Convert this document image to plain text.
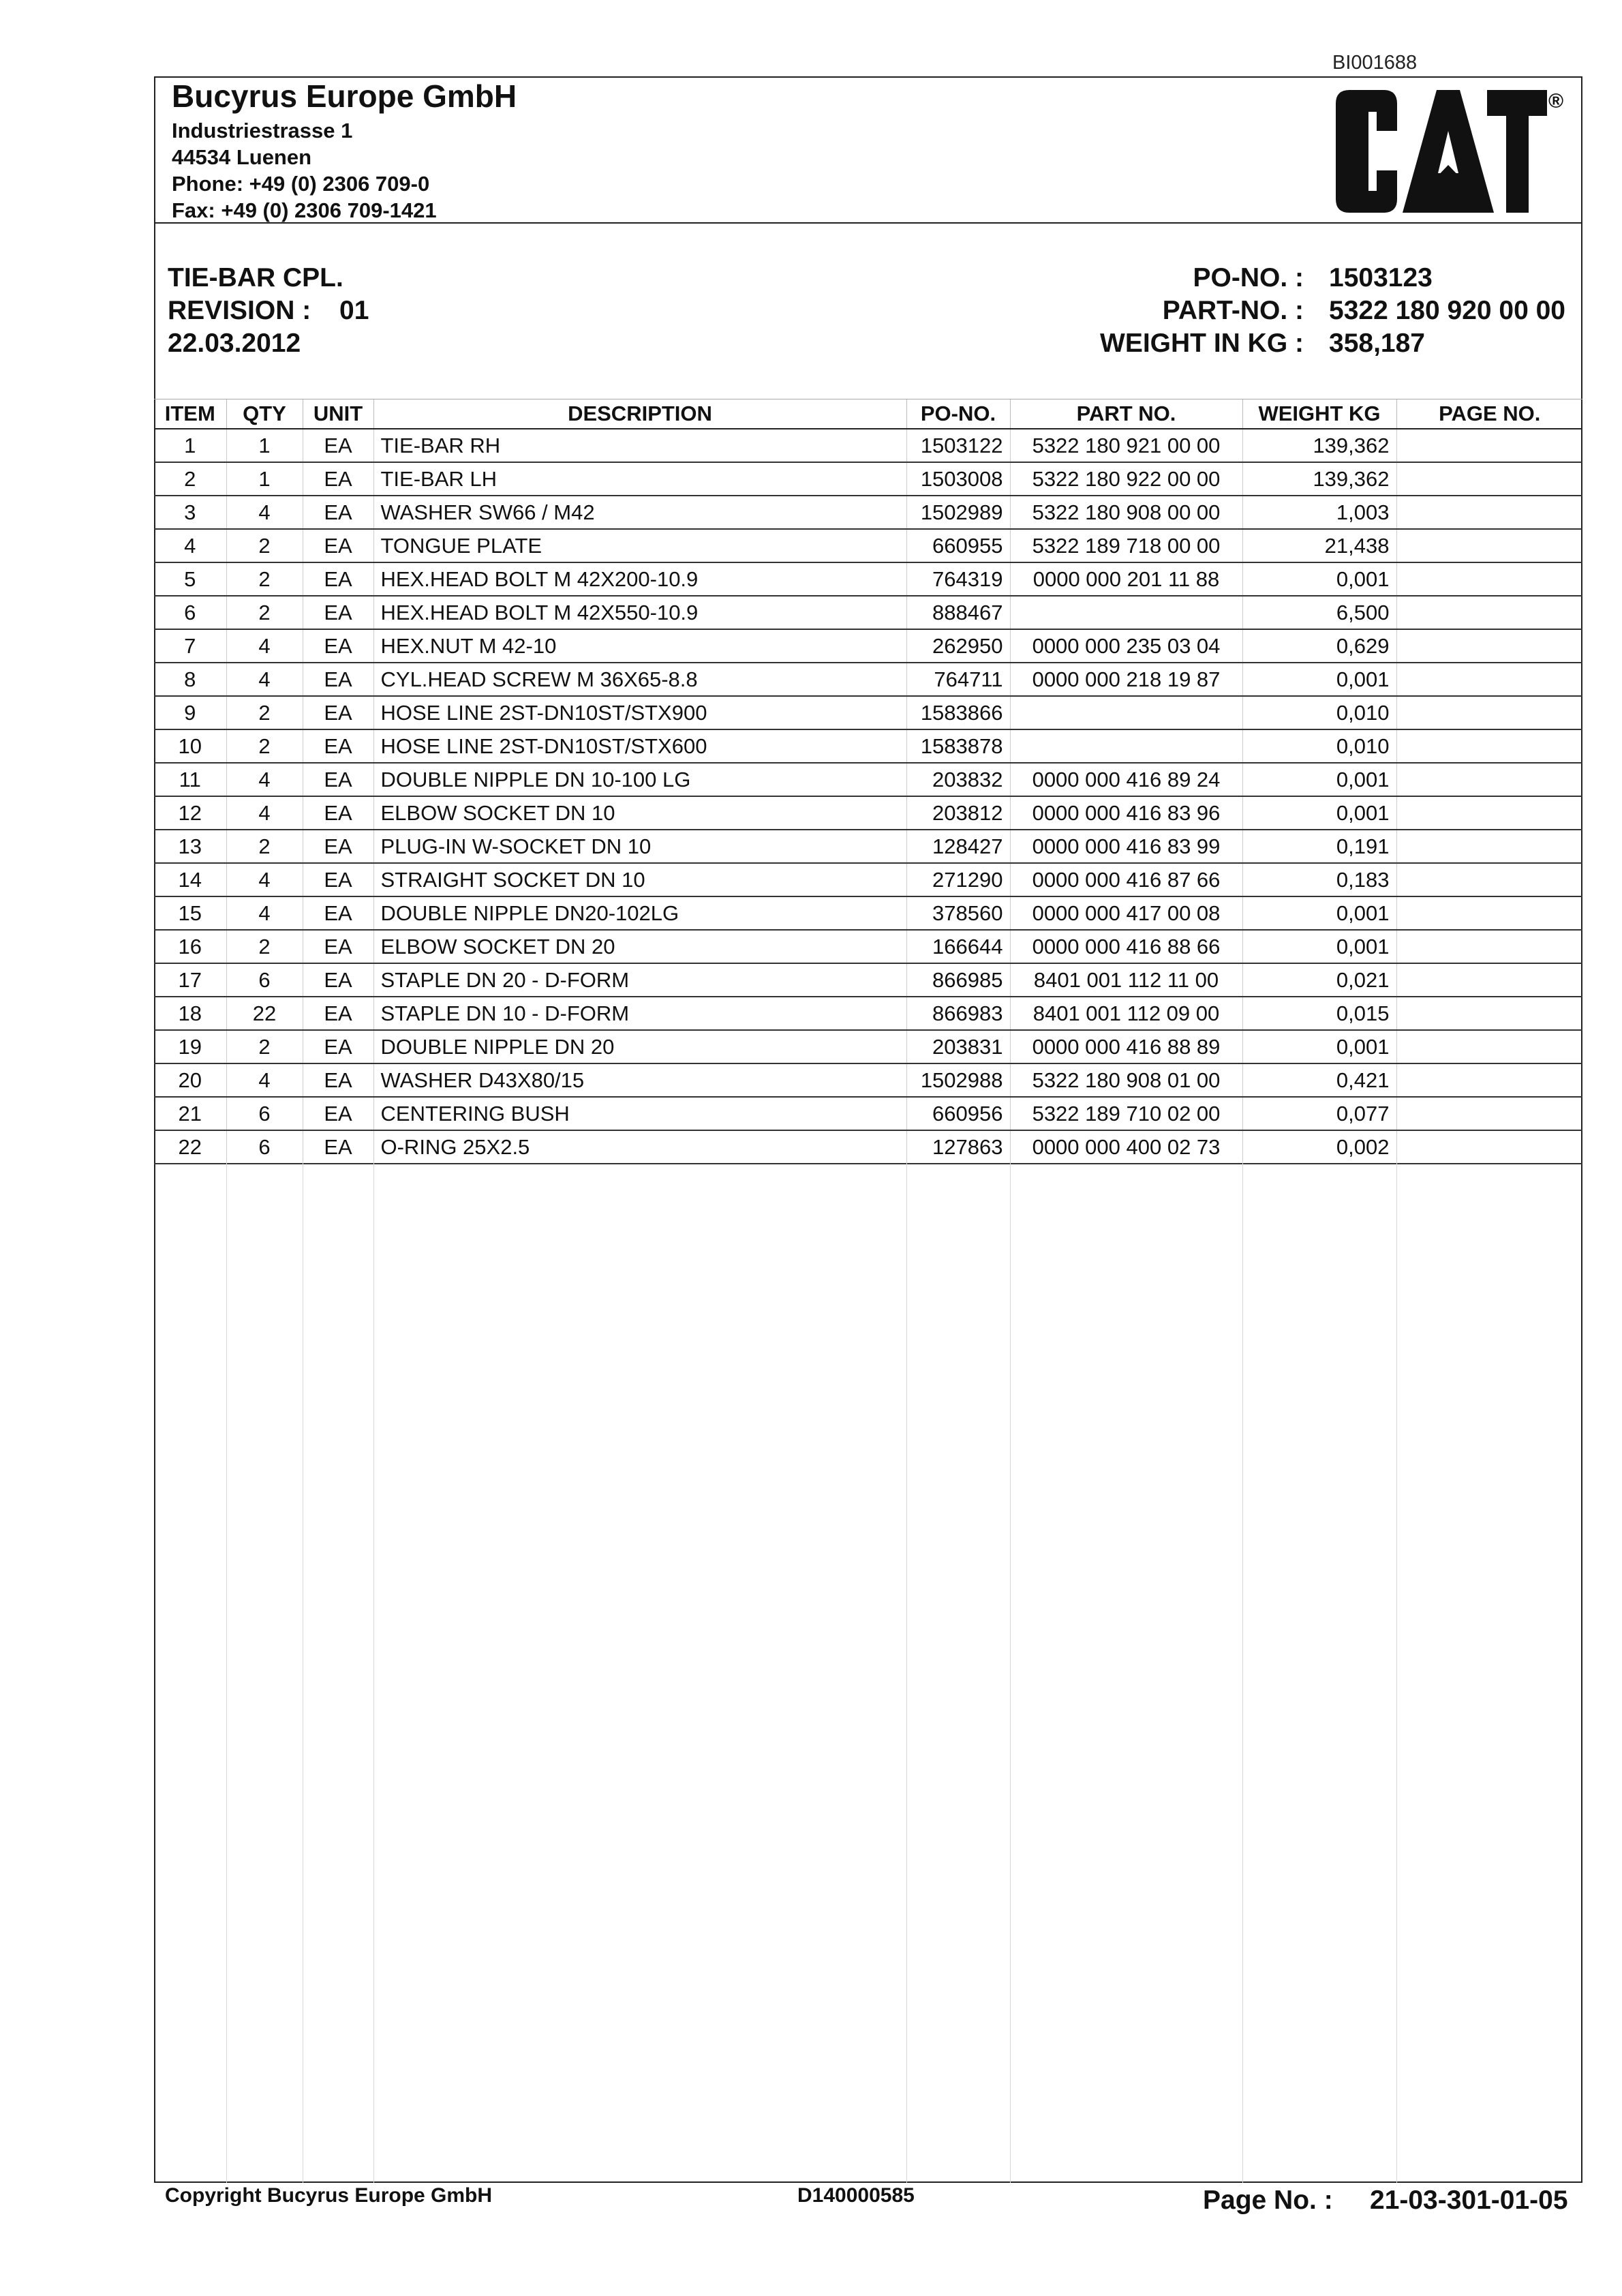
BI001688
Bucyrus Europe GmbH
Industriestrasse 1
44534 Luenen
Phone: +49 (0) 2306 709-0
Fax: +49 (0) 2306 709-1421
®
TIE-BAR CPL.
REVISION : 01
22.03.2012
PO-NO. : 1503123
PART-NO. : 5322 180 920 00 00
WEIGHT IN KG : 358,187
ITEM	QTY	UNIT	DESCRIPTION	PO-NO.	PART NO.	WEIGHT KG	PAGE NO.
1	1	EA	TIE-BAR RH	1503122	5322 180 921 00 00	139,362	
2	1	EA	TIE-BAR LH	1503008	5322 180 922 00 00	139,362	
3	4	EA	WASHER SW66 / M42	1502989	5322 180 908 00 00	1,003	
4	2	EA	TONGUE PLATE	660955	5322 189 718 00 00	21,438	
5	2	EA	HEX.HEAD BOLT M 42X200-10.9	764319	0000 000 201 11 88	0,001	
6	2	EA	HEX.HEAD BOLT M 42X550-10.9	888467		6,500	
7	4	EA	HEX.NUT M 42-10	262950	0000 000 235 03 04	0,629	
8	4	EA	CYL.HEAD SCREW M 36X65-8.8	764711	0000 000 218 19 87	0,001	
9	2	EA	HOSE LINE 2ST-DN10ST/STX900	1583866		0,010	
10	2	EA	HOSE LINE 2ST-DN10ST/STX600	1583878		0,010	
11	4	EA	DOUBLE NIPPLE DN 10-100 LG	203832	0000 000 416 89 24	0,001	
12	4	EA	ELBOW SOCKET DN 10	203812	0000 000 416 83 96	0,001	
13	2	EA	PLUG-IN W-SOCKET DN 10	128427	0000 000 416 83 99	0,191	
14	4	EA	STRAIGHT SOCKET DN 10	271290	0000 000 416 87 66	0,183	
15	4	EA	DOUBLE NIPPLE DN20-102LG	378560	0000 000 417 00 08	0,001	
16	2	EA	ELBOW SOCKET DN 20	166644	0000 000 416 88 66	0,001	
17	6	EA	STAPLE DN 20 - D-FORM	866985	8401 001 112 11 00	0,021	
18	22	EA	STAPLE DN 10 - D-FORM	866983	8401 001 112 09 00	0,015	
19	2	EA	DOUBLE NIPPLE DN 20	203831	0000 000 416 88 89	0,001	
20	4	EA	WASHER D43X80/15	1502988	5322 180 908 01 00	0,421	
21	6	EA	CENTERING BUSH	660956	5322 189 710 02 00	0,077	
22	6	EA	O-RING 25X2.5	127863	0000 000 400 02 73	0,002	
Copyright Bucyrus Europe GmbH	D140000585	Page No. : 21-03-301-01-05
